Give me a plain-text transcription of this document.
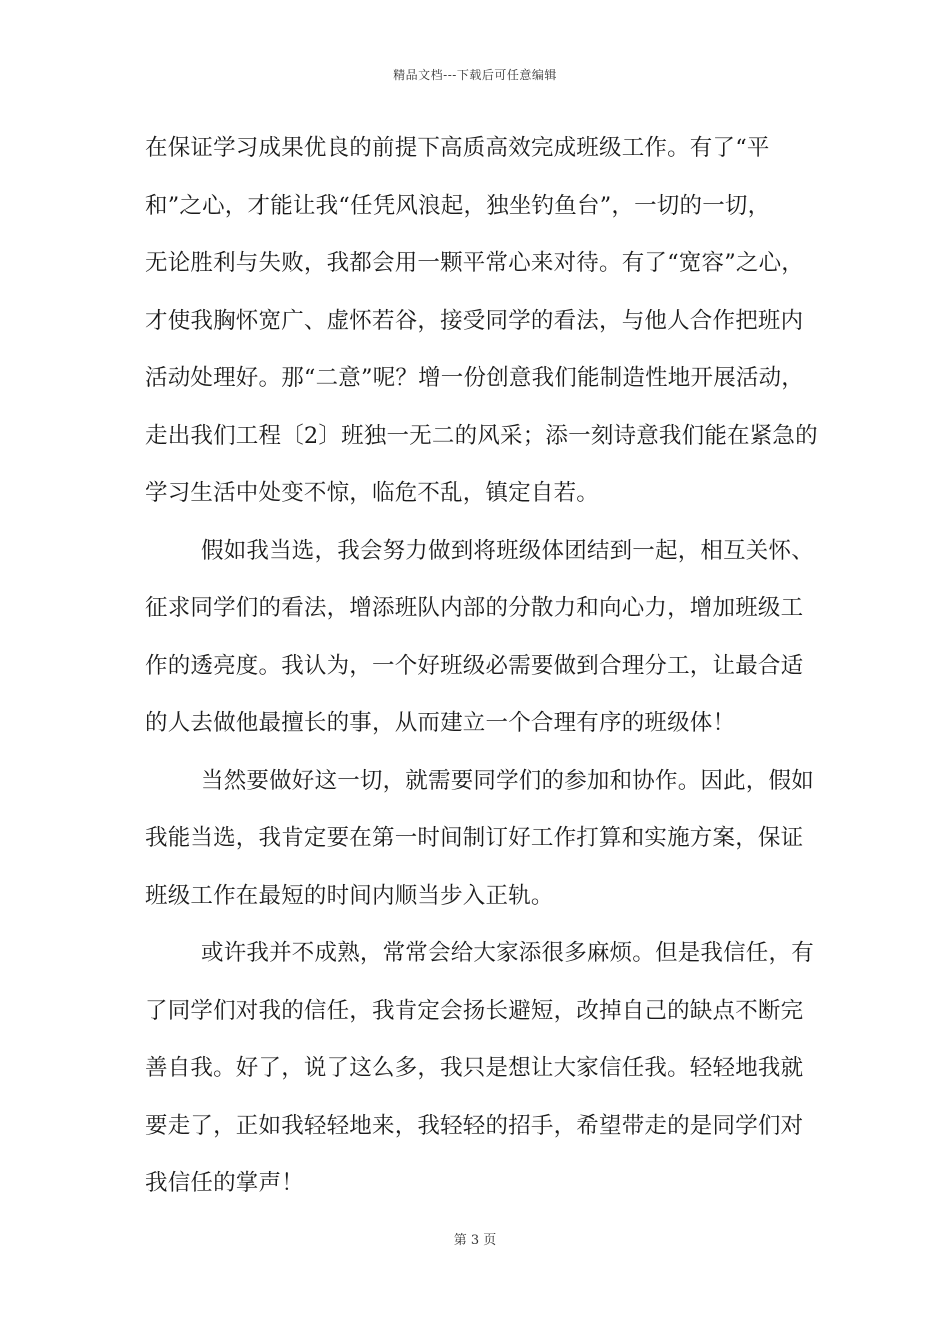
精品文档---下载后可任意编辑
在保证学习成果优良的前提下高质高效完成班级工作。有了“平
和”之心，才能让我“任凭风浪起，独坐钓鱼台”，一切的一切，
无论胜利与失败，我都会用一颗平常心来对待。有了“宽容”之心，
才使我胸怀宽广、虚怀若谷，接受同学的看法，与他人合作把班内
活动处理好。那“二意”呢？增一份创意我们能制造性地开展活动，
走出我们工程〔2〕班独一无二的风采；添一刻诗意我们能在紧急的
学习生活中处变不惊，临危不乱，镇定自若。
假如我当选，我会努力做到将班级体团结到一起，相互关怀、
征求同学们的看法，增添班队内部的分散力和向心力，增加班级工
作的透亮度。我认为，一个好班级必需要做到合理分工，让最合适
的人去做他最擅长的事，从而建立一个合理有序的班级体！
当然要做好这一切，就需要同学们的参加和协作。因此，假如
我能当选，我肯定要在第一时间制订好工作打算和实施方案，保证
班级工作在最短的时间内顺当步入正轨。
或许我并不成熟，常常会给大家添很多麻烦。但是我信任，有
了同学们对我的信任，我肯定会扬长避短，改掉自己的缺点不断完
善自我。好了，说了这么多，我只是想让大家信任我。轻轻地我就
要走了，正如我轻轻地来，我轻轻的招手，希望带走的是同学们对
我信任的掌声！
第 3 页
